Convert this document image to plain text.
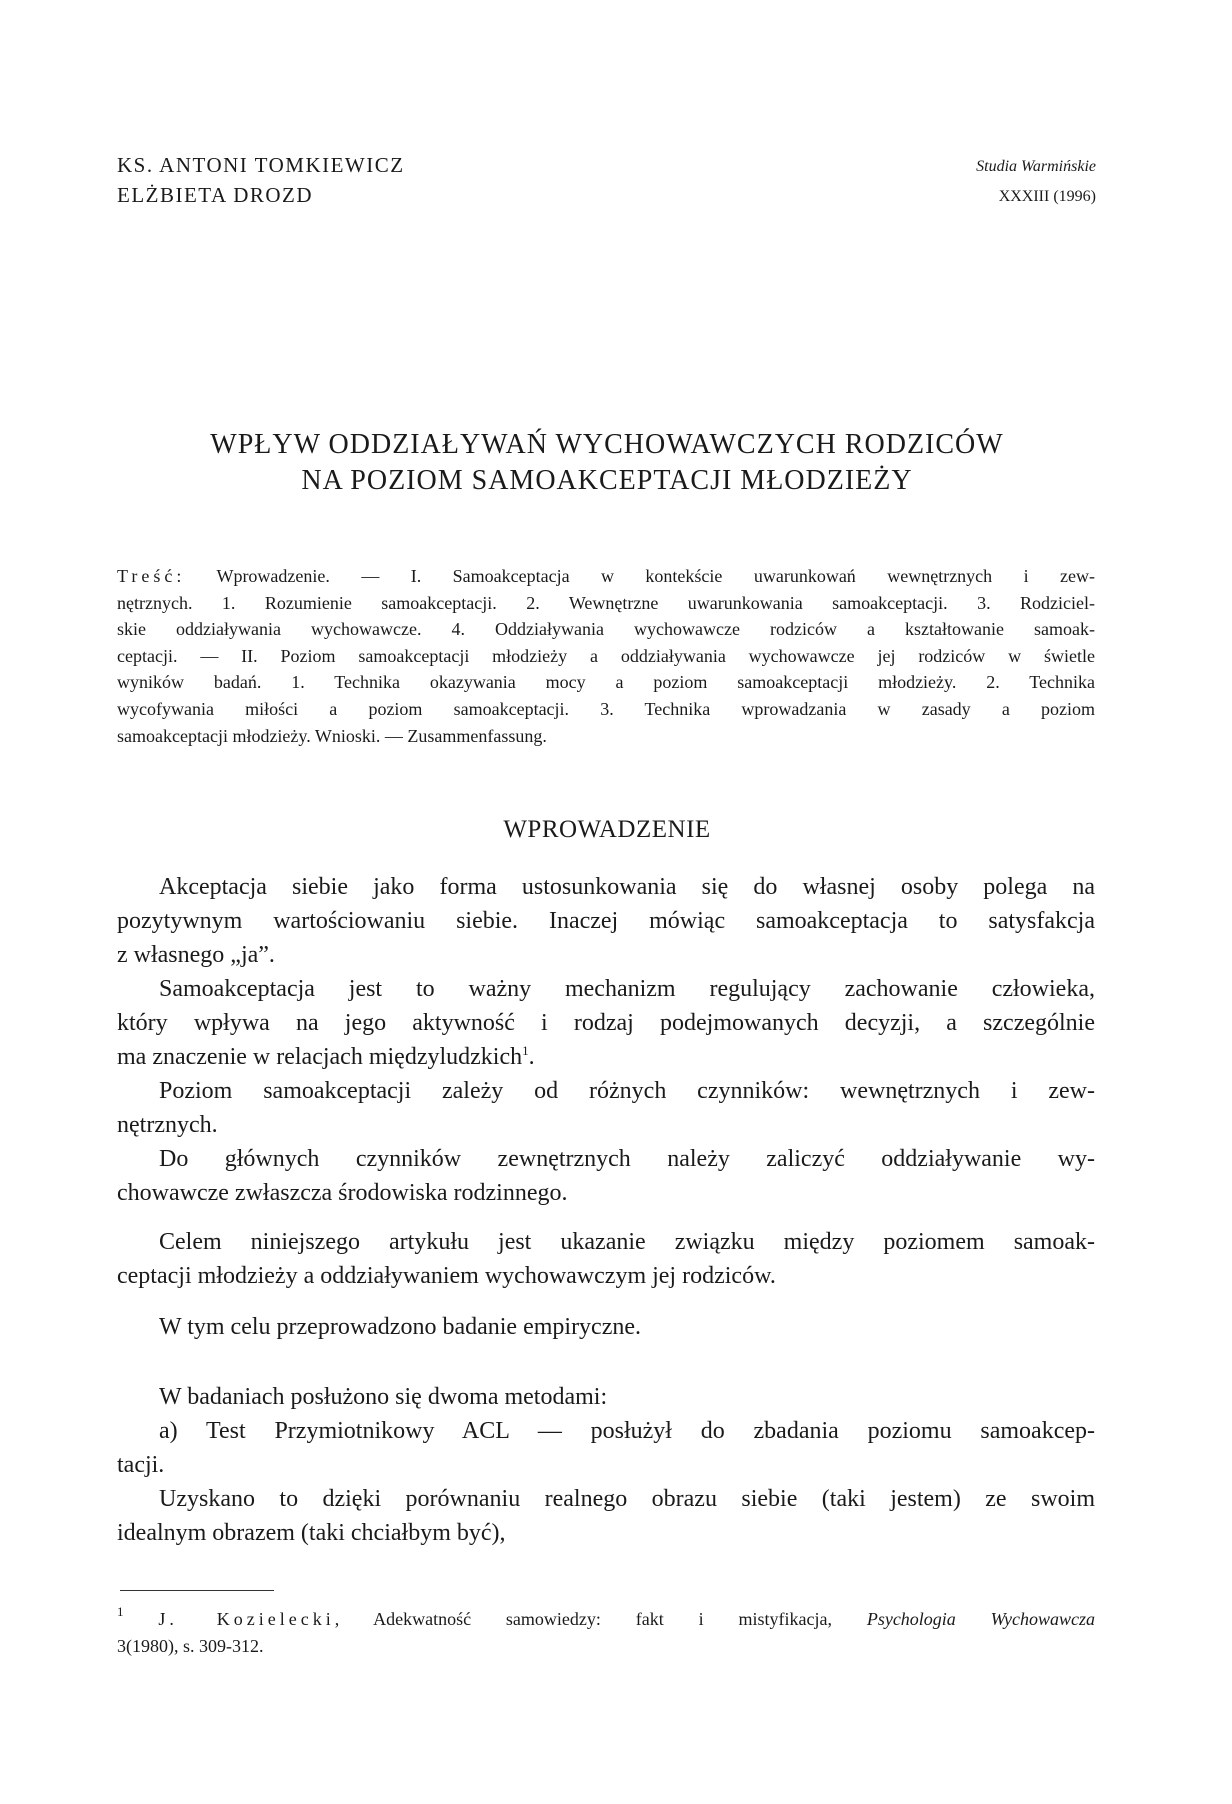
KS. ANTONI TOMKIEWICZ
ELŻBIETA DROZD
Studia Warmińskie
XXXIII (1996)
WPŁYW ODDZIAŁYWAŃ WYCHOWAWCZYCH RODZICÓW
NA POZIOM SAMOAKCEPTACJI MŁODZIEŻY
Treść: Wprowadzenie. — I. Samoakceptacja w kontekście uwarunkowań wewnętrznych i zew-
nętrznych. 1. Rozumienie samoakceptacji. 2. Wewnętrzne uwarunkowania samoakceptacji. 3. Rodziciel-
skie oddziaływania wychowawcze. 4. Oddziaływania wychowawcze rodziców a kształtowanie samoak-
ceptacji. — II. Poziom samoakceptacji młodzieży a oddziaływania wychowawcze jej rodziców w świetle
wyników badań. 1. Technika okazywania mocy a poziom samoakceptacji młodzieży. 2. Technika
wycofywania miłości a poziom samoakceptacji. 3. Technika wprowadzania w zasady a poziom
samoakceptacji młodzieży. Wnioski. — Zusammenfassung.
WPROWADZENIE
Akceptacja siebie jako forma ustosunkowania się do własnej osoby polega na
pozytywnym wartościowaniu siebie. Inaczej mówiąc samoakceptacja to satysfakcja
z własnego „ja”.
Samoakceptacja jest to ważny mechanizm regulujący zachowanie człowieka,
który wpływa na jego aktywność i rodzaj podejmowanych decyzji, a szczególnie
ma znaczenie w relacjach międzyludzkich$^1$.
Poziom samoakceptacji zależy od różnych czynników: wewnętrznych i zew-
nętrznych.
Do głównych czynników zewnętrznych należy zaliczyć oddziaływanie wy-
chowawcze zwłaszcza środowiska rodzinnego.
Celem niniejszego artykułu jest ukazanie związku między poziomem samoak-
ceptacji młodzieży a oddziaływaniem wychowawczym jej rodziców.
W tym celu przeprowadzono badanie empiryczne.
W badaniach posłużono się dwoma metodami:
a) Test Przymiotnikowy ACL — posłużył do zbadania poziomu samoakcep-
tacji.
Uzyskano to dzięki porównaniu realnego obrazu siebie (taki jestem) ze swoim
idealnym obrazem (taki chciałbym być),
$^1$ J. Kozielecki, Adekwatność samowiedzy: fakt i mistyfikacja, Psychologia Wychowawcza
3(1980), s. 309-312.
